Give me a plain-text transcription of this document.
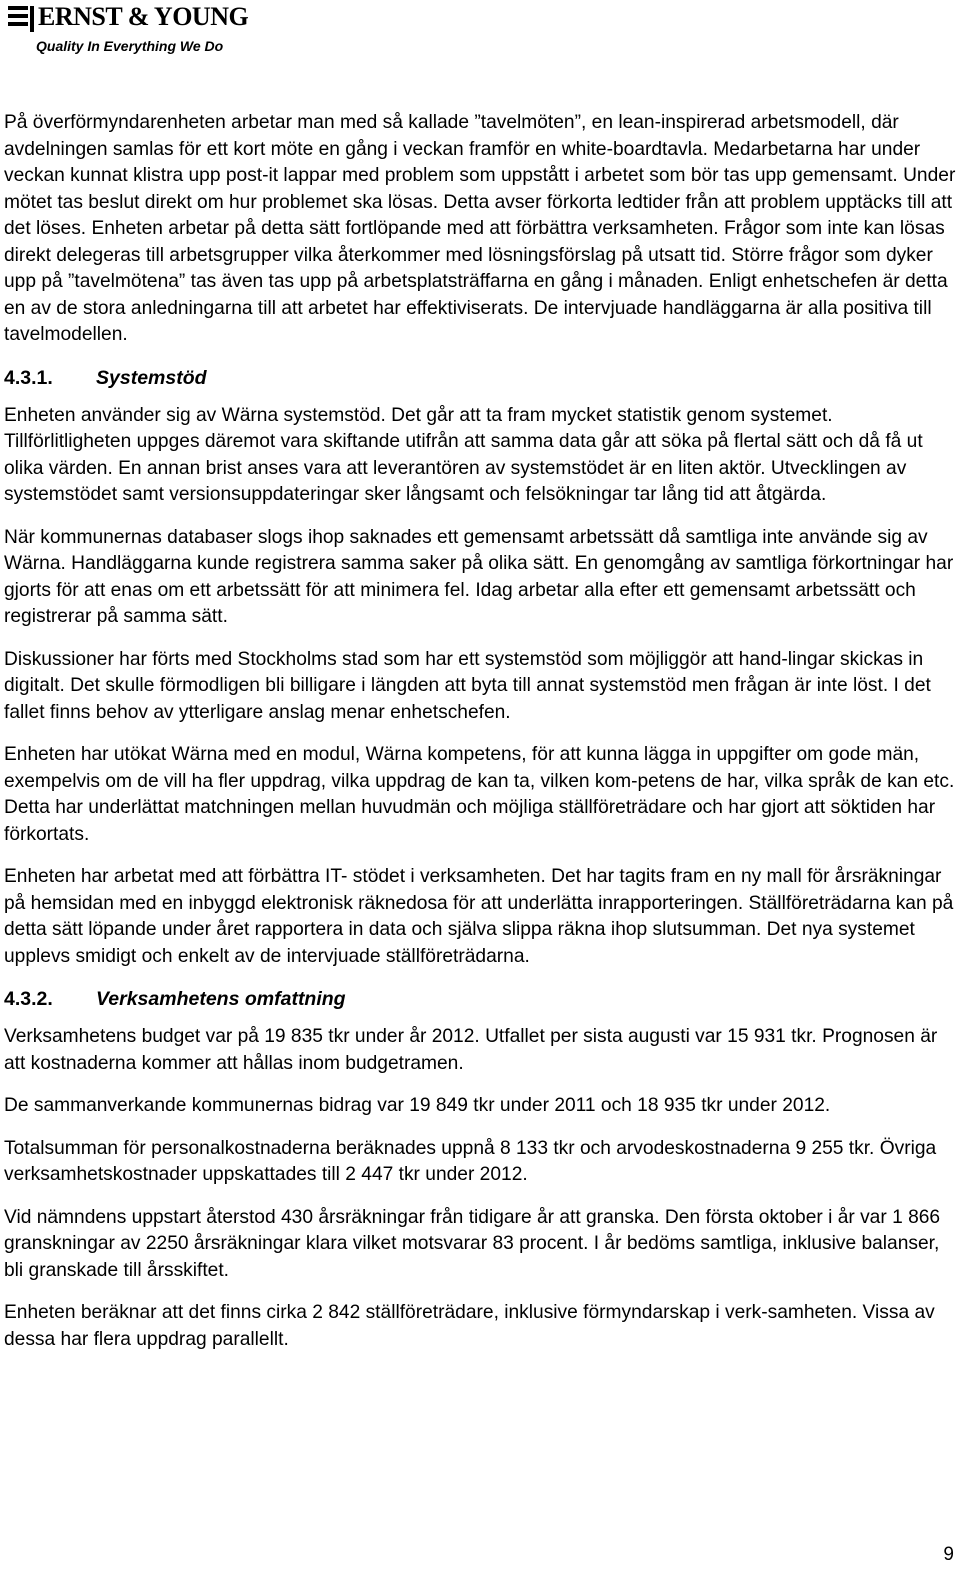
ERNST & YOUNG
Quality In Everything We Do

På överförmyndarenheten arbetar man med så kallade ”tavelmöten”, en lean-inspirerad arbetsmodell, där avdelningen samlas för ett kort möte en gång i veckan framför en white-boardtavla. Medarbetarna har under veckan kunnat klistra upp post-it lappar med problem som uppstått i arbetet som bör tas upp gemensamt. Under mötet tas beslut direkt om hur problemet ska lösas. Detta avser förkorta ledtider från att problem upptäcks till att det löses. Enheten arbetar på detta sätt fortlöpande med att förbättra verksamheten. Frågor som inte kan lösas direkt delegeras till arbetsgrupper vilka återkommer med lösningsförslag på utsatt tid. Större frågor som dyker upp på ”tavelmötena” tas även tas upp på arbetsplatsträffarna en gång i månaden. Enligt enhetschefen är detta en av de stora anledningarna till att arbetet har effektiviserats. De intervjuade handläggarna är alla positiva till tavelmodellen.

4.3.1.	Systemstöd

Enheten använder sig av Wärna systemstöd. Det går att ta fram mycket statistik genom systemet. Tillförlitligheten uppges däremot vara skiftande utifrån att samma data går att söka på flertal sätt och då få ut olika värden. En annan brist anses vara att leverantören av systemstödet är en liten aktör. Utvecklingen av systemstödet samt versionsuppdateringar sker långsamt och felsökningar tar lång tid att åtgärda.

När kommunernas databaser slogs ihop saknades ett gemensamt arbetssätt då samtliga inte använde sig av Wärna. Handläggarna kunde registrera samma saker på olika sätt. En genomgång av samtliga förkortningar har gjorts för att enas om ett arbetssätt för att minimera fel. Idag arbetar alla efter ett gemensamt arbetssätt och registrerar på samma sätt.

Diskussioner har förts med Stockholms stad som har ett systemstöd som möjliggör att hand-lingar skickas in digitalt. Det skulle förmodligen bli billigare i längden att byta till annat systemstöd men frågan är inte löst. I det fallet finns behov av ytterligare anslag menar enhetschefen.

Enheten har utökat Wärna med en modul, Wärna kompetens, för att kunna lägga in uppgifter om gode män, exempelvis om de vill ha fler uppdrag, vilka uppdrag de kan ta, vilken kom-petens de har, vilka språk de kan etc. Detta har underlättat matchningen mellan huvudmän och möjliga ställföreträdare och har gjort att söktiden har förkortats.

Enheten har arbetat med att förbättra IT- stödet i verksamheten. Det har tagits fram en ny mall för årsräkningar på hemsidan med en inbyggd elektronisk räknedosa för att underlätta inrapporteringen. Ställföreträdarna kan på detta sätt löpande under året rapportera in data och själva slippa räkna ihop slutsumman. Det nya systemet upplevs smidigt och enkelt av de intervjuade ställföreträdarna.

4.3.2.	Verksamhetens omfattning

Verksamhetens budget var på 19 835 tkr under år 2012. Utfallet per sista augusti var 15 931 tkr. Prognosen är att kostnaderna kommer att hållas inom budgetramen.

De sammanverkande kommunernas bidrag var 19 849 tkr under 2011 och 18 935 tkr under 2012.

Totalsumman för personalkostnaderna beräknades uppnå 8 133 tkr och arvodeskostnaderna 9 255 tkr. Övriga verksamhetskostnader uppskattades till 2 447 tkr under 2012.

Vid nämndens uppstart återstod 430 årsräkningar från tidigare år att granska. Den första oktober i år var 1 866 granskningar av 2250 årsräkningar klara vilket motsvarar 83 procent. I år bedöms samtliga, inklusive balanser, bli granskade till årsskiftet.

Enheten beräknar att det finns cirka 2 842 ställföreträdare, inklusive förmyndarskap i verk-samheten. Vissa av dessa har flera uppdrag parallellt.

9
